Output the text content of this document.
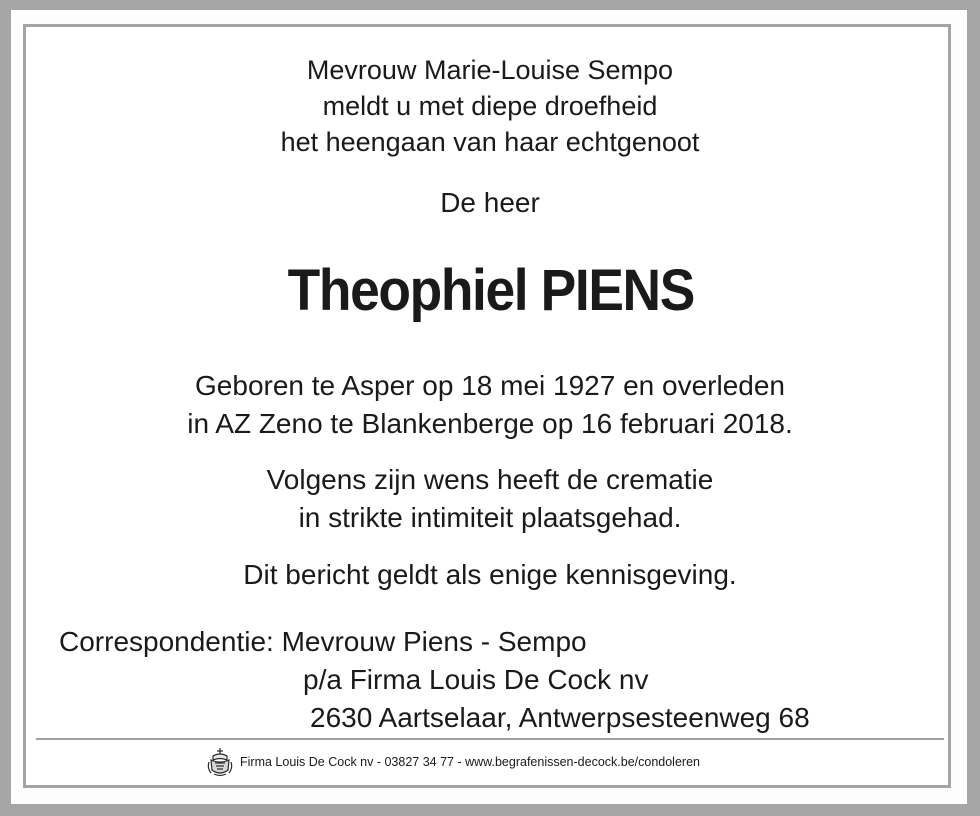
Mevrouw Marie-Louise Sempo
meldt u met diepe droefheid
het heengaan van haar echtgenoot
De heer
Theophiel PIENS
Geboren te Asper op 18 mei 1927 en overleden
in AZ Zeno te Blankenberge op 16 februari 2018.
Volgens zijn wens heeft de crematie
in strikte intimiteit plaatsgehad.
Dit bericht geldt als enige kennisgeving.
Correspondentie: Mevrouw Piens - Sempo
p/a Firma Louis De Cock nv
2630 Aartselaar, Antwerpsesteenweg 68
Firma Louis De Cock nv - 03827 34 77 - www.begrafenissen-decock.be/condoleren
